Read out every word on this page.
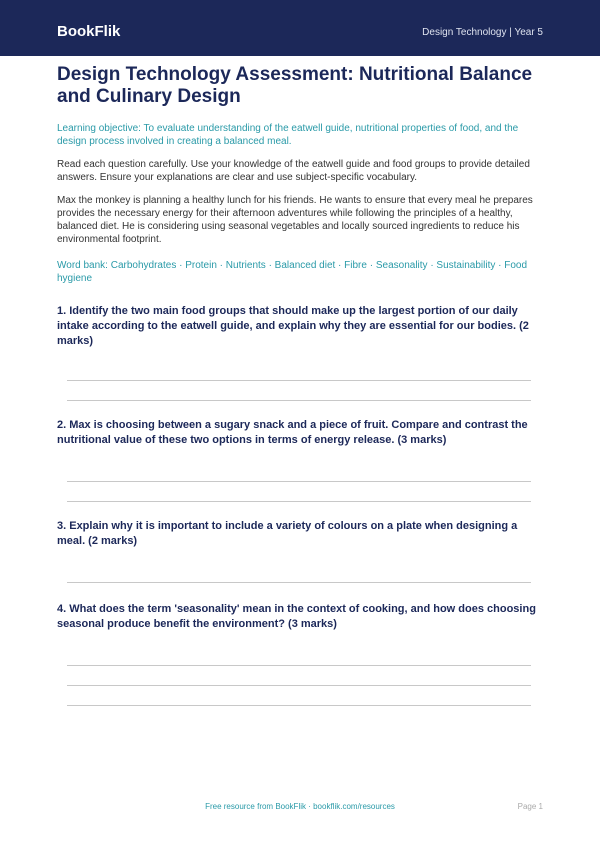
BookFlik	Design Technology | Year 5

Design Technology Assessment: Nutritional Balance and Culinary Design

Learning objective: To evaluate understanding of the eatwell guide, nutritional properties of food, and the design process involved in creating a balanced meal.

Read each question carefully. Use your knowledge of the eatwell guide and food groups to provide detailed answers. Ensure your explanations are clear and use subject-specific vocabulary.

Max the monkey is planning a healthy lunch for his friends. He wants to ensure that every meal he prepares provides the necessary energy for their afternoon adventures while following the principles of a healthy, balanced diet. He is considering using seasonal vegetables and locally sourced ingredients to reduce his environmental footprint.

Word bank: Carbohydrates · Protein · Nutrients · Balanced diet · Fibre · Seasonality · Sustainability · Food hygiene

1. Identify the two main food groups that should make up the largest portion of our daily intake according to the eatwell guide, and explain why they are essential for our bodies. (2 marks)

2. Max is choosing between a sugary snack and a piece of fruit. Compare and contrast the nutritional value of these two options in terms of energy release. (3 marks)

3. Explain why it is important to include a variety of colours on a plate when designing a meal. (2 marks)

4. What does the term 'seasonality' mean in the context of cooking, and how does choosing seasonal produce benefit the environment? (3 marks)

Free resource from BookFlik · bookflik.com/resources	Page 1
